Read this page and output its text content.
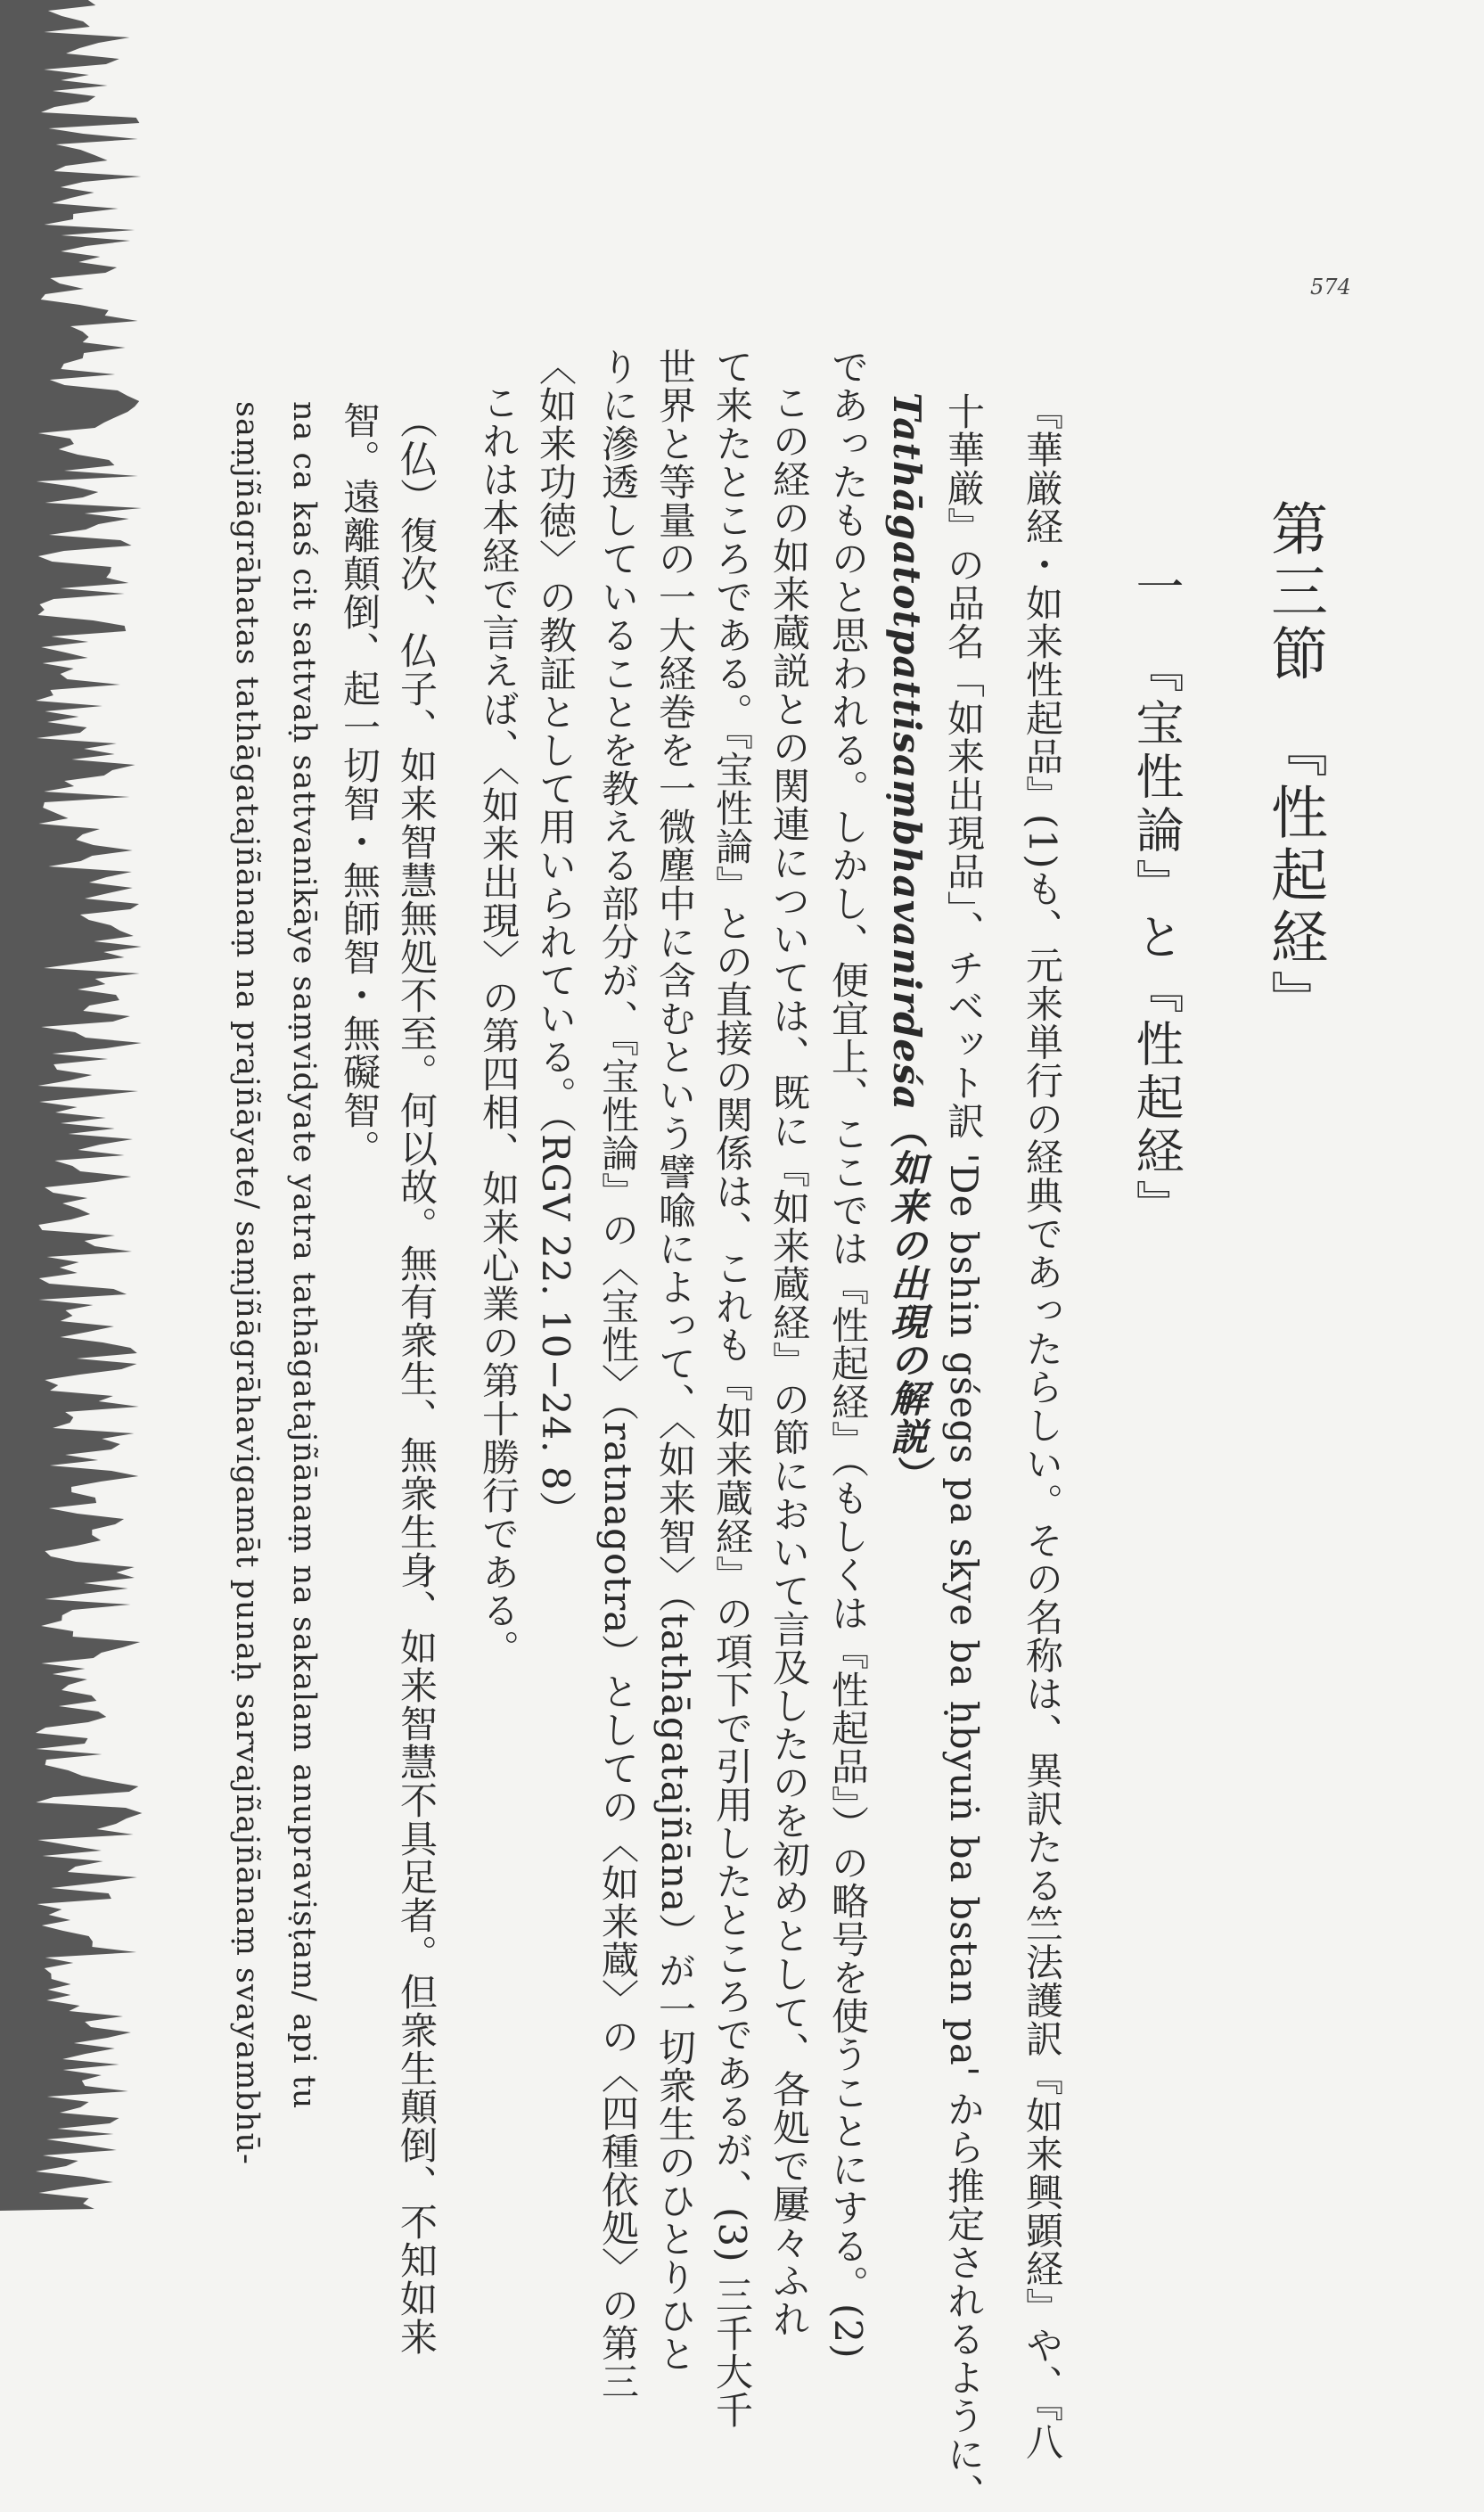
574
第三節　『性起経』
一　『宝性論』と『性起経』
『華厳経・如来性起品』(1)も、元来単行の経典であったらしい。その名称は、異訳たる竺法護訳『如来興顕経』や、『八
十華厳』の品名「如来出現品」、チベット訳 'De bshin gśegs pa skye ba ḥbyuṅ ba bstan pa' から推定されるように、
Tathāgatotpattisaṃbhavanirdeśa（如来の出現の解説）
であったものと思われる。しかし、便宜上、ここでは『性起経』（もしくは『性起品』）の略号を使うことにする。(2)
この経の如来蔵説との関連については、既に『如来蔵経』の節において言及したのを初めとして、各処で屢々ふれ
て来たところである。『宝性論』との直接の関係は、これも『如来蔵経』の項下で引用したところであるが、(3) 三千大千
世界と等量の一大経巻を一微塵中に含むという譬喩によって、〈如来智〉（tathāgatajñāna）が一切衆生のひとりひと
りに滲透していることを教える部分が、『宝性論』の〈宝性〉（ratnagotra）としての〈如来蔵〉の〈四種依処〉の第三
〈如来功徳〉の教証として用いられている。（RGV 22. 10−24. 8）
これは本経で言えば、〈如来出現〉の第四相、如来心業の第十勝行である。
（仏）復次、仏子、如来智慧無処不至。何以故。無有衆生、無衆生身、如来智慧不具足者。但衆生顛倒、不知如来
智。遠離顛倒、起一切智・無師智・無礙智。
na ca kaś cit sattvaḥ sattvanikāye saṃvidyate yatra tathāgatajñānaṃ na sakalam anupraviṣṭam/ api tu
saṃjñāgrāhatas tathāgatajñānaṃ na prajñāyate/ saṃjñāgrāhavigamāt punaḥ sarvajñajñānaṃ svayambhū-
